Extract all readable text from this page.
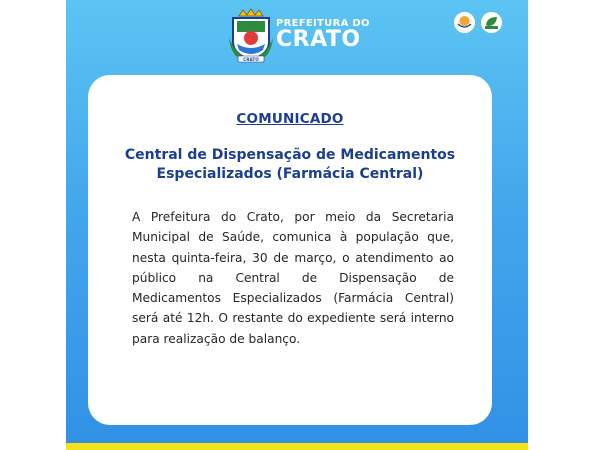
CRATO
PREFEITURA DO
CRATO
COMUNICADO
Central de Dispensação de Medicamentos Especializados (Farmácia Central)
A Prefeitura do Crato, por meio da Secretaria Municipal de Saúde, comunica à população que, nesta quinta-feira, 30 de março, o atendimento ao público na Central de Dispensação de Medicamentos Especializados (Farmácia Central) será até 12h. O restante do expediente será interno para realização de balanço.
